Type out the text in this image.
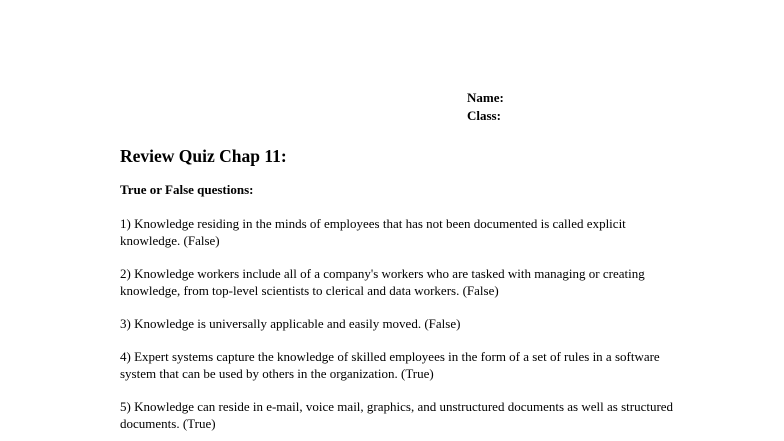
Name:
Class:
Review Quiz Chap 11:
True or False questions:

1) Knowledge residing in the minds of employees that has not been documented is called explicit knowledge. (False)

2) Knowledge workers include all of a company's workers who are tasked with managing or creating knowledge, from top-level scientists to clerical and data workers. (False)

3) Knowledge is universally applicable and easily moved. (False)

4) Expert systems capture the knowledge of skilled employees in the form of a set of rules in a software system that can be used by others in the organization. (True)

5) Knowledge can reside in e-mail, voice mail, graphics, and unstructured documents as well as structured documents. (True)
